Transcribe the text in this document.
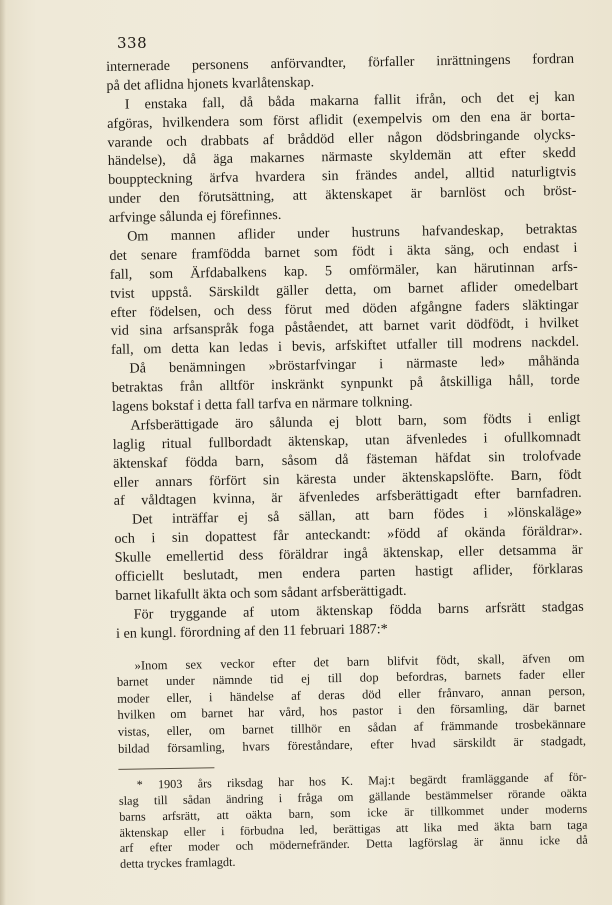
338
internerade personens anförvandter, förfaller inrättningens fordran
på det aflidna hjonets kvarlåtenskap.
I enstaka fall, då båda makarna fallit ifrån, och det ej kan
afgöras, hvilkendera som först aflidit (exempelvis om den ena är borta-
varande och drabbats af bråddöd eller någon dödsbringande olycks-
händelse), då äga makarnes närmaste skyldemän att efter skedd
bouppteckning ärfva hvardera sin frändes andel, alltid naturligtvis
under den förutsättning, att äktenskapet är barnlöst och bröst-
arfvinge sålunda ej förefinnes.
Om mannen aflider under hustruns hafvandeskap, betraktas
det senare framfödda barnet som födt i äkta säng, och endast i
fall, som Ärfdabalkens kap. 5 omförmäler, kan härutinnan arfs-
tvist uppstå. Särskildt gäller detta, om barnet aflider omedelbart
efter födelsen, och dess förut med döden afgångne faders släktingar
vid sina arfsanspråk foga påståendet, att barnet varit dödfödt, i hvilket
fall, om detta kan ledas i bevis, arfskiftet utfaller till modrens nackdel.
Då benämningen »bröstarfvingar i närmaste led» måhända
betraktas från alltför inskränkt synpunkt på åtskilliga håll, torde
lagens bokstaf i detta fall tarfva en närmare tolkning.
Arfsberättigade äro sålunda ej blott barn, som födts i enligt
laglig ritual fullbordadt äktenskap, utan äfvenledes i ofullkomnadt
äktenskaf födda barn, såsom då fästeman häfdat sin trolofvade
eller annars förfört sin käresta under äktenskapslöfte. Barn, födt
af våldtagen kvinna, är äfvenledes arfsberättigadt efter barnfadren.
Det inträffar ej så sällan, att barn födes i »lönskaläge»
och i sin dopattest får anteckandt: »född af okända föräldrar».
Skulle emellertid dess föräldrar ingå äktenskap, eller detsamma är
officiellt beslutadt, men endera parten hastigt aflider, förklaras
barnet likafullt äkta och som sådant arfsberättigadt.
För tryggande af utom äktenskap födda barns arfsrätt stadgas
i en kungl. förordning af den 11 februari 1887:*
»Inom sex veckor efter det barn blifvit födt, skall, äfven om
barnet under nämnde tid ej till dop befordras, barnets fader eller
moder eller, i händelse af deras död eller frånvaro, annan person,
hvilken om barnet har vård, hos pastor i den församling, där barnet
vistas, eller, om barnet tillhör en sådan af främmande trosbekännare
bildad församling, hvars föreståndare, efter hvad särskildt är stadgadt,
* 1903 års riksdag har hos K. Maj:t begärdt framläggande af för-
slag till sådan ändring i fråga om gällande bestämmelser rörande oäkta
barns arfsrätt, att oäkta barn, som icke är tillkommet under moderns
äktenskap eller i förbudna led, berättigas att lika med äkta barn taga
arf efter moder och mödernefränder. Detta lagförslag är ännu icke då
detta tryckes framlagdt.
